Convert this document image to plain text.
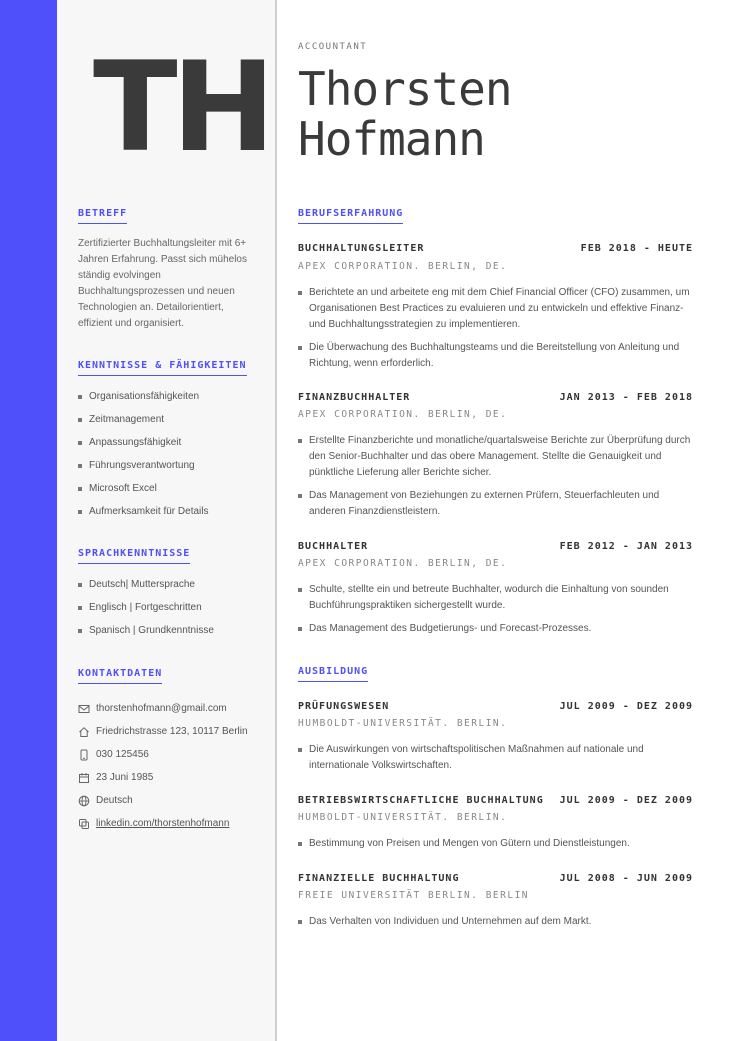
TH
BETREFF
Zertifizierter Buchhaltungsleiter mit 6+ Jahren Erfahrung. Passt sich mühelos ständig evolvingen Buchhaltungsprozessen und neuen Technologien an. Detailorientiert, effizient und organisiert.
KENNTNISSE & FÄHIGKEITEN
Organisationsfähigkeiten
Zeitmanagement
Anpassungsfähigkeit
Führungsverantwortung
Microsoft Excel
Aufmerksamkeit für Details
SPRACHKENNTNISSE
Deutsch| Muttersprache
Englisch | Fortgeschritten
Spanisch | Grundkenntnisse
KONTAKTDATEN
thorstenhofmann@gmail.com
Friedrichstrasse 123, 10117 Berlin
030 125456
23 Juni 1985
Deutsch
linkedin.com/thorstenhofmann
ACCOUNTANT
Thorsten
Hofmann
BERUFSERFAHRUNG
BUCHHALTUNGSLEITER	FEB 2018 - HEUTE
APEX CORPORATION. BERLIN, DE.
Berichtete an und arbeitete eng mit dem Chief Financial Officer (CFO) zusammen, um Organisationen Best Practices zu evaluieren und zu entwickeln und effektive Finanz- und Buchhaltungsstrategien zu implementieren.
Die Überwachung des Buchhaltungsteams und die Bereitstellung von Anleitung und Richtung, wenn erforderlich.
FINANZBUCHHALTER	JAN 2013 - FEB 2018
APEX CORPORATION. BERLIN, DE.
Erstellte Finanzberichte und monatliche/quartalsweise Berichte zur Überprüfung durch den Senior-Buchhalter und das obere Management. Stellte die Genauigkeit und pünktliche Lieferung aller Berichte sicher.
Das Management von Beziehungen zu externen Prüfern, Steuerfachleuten und anderen Finanzdienstleistern.
BUCHHALTER	FEB 2012 - JAN 2013
APEX CORPORATION. BERLIN, DE.
Schulte, stellte ein und betreute Buchhalter, wodurch die Einhaltung von sounden Buchführungspraktiken sichergestellt wurde.
Das Management des Budgetierungs- und Forecast-Prozesses.
AUSBILDUNG
PRÜFUNGSWESEN	JUL 2009 - DEZ 2009
HUMBOLDT-UNIVERSITÄT. BERLIN.
Die Auswirkungen von wirtschaftspolitischen Maßnahmen auf nationale und internationale Volkswirtschaften.
BETRIEBSWIRTSCHAFTLICHE BUCHHALTUNG JUL 2009 - DEZ 2009
HUMBOLDT-UNIVERSITÄT. BERLIN.
Bestimmung von Preisen und Mengen von Gütern und Dienstleistungen.
FINANZIELLE BUCHHALTUNG	JUL 2008 - JUN 2009
FREIE UNIVERSITÄT BERLIN. BERLIN
Das Verhalten von Individuen und Unternehmen auf dem Markt.
